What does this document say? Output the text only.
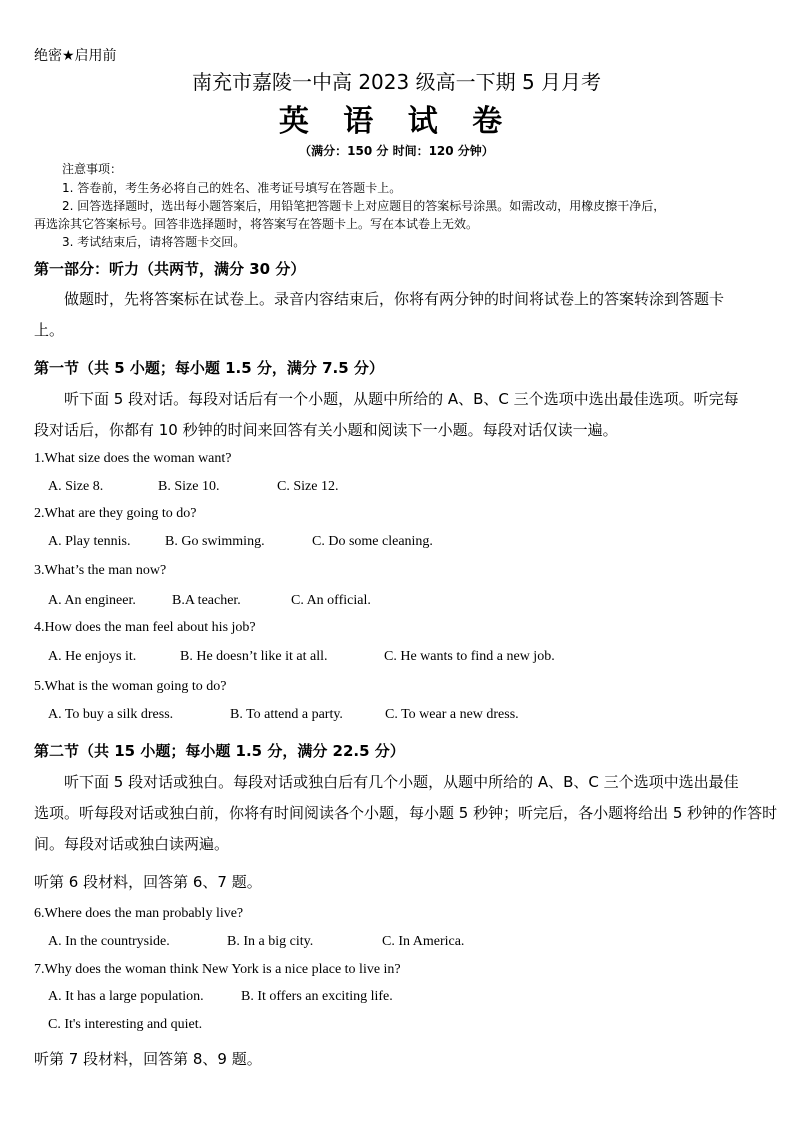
绝密★启用前
南充市嘉陵一中高 2023 级高一下期 5 月月考
英 语 试 卷
（满分：150 分 时间：120 分钟）
注意事项：
1. 答卷前，考生务必将自己的姓名、准考证号填写在答题卡上。
2. 回答选择题时，选出每小题答案后，用铅笔把答题卡上对应题目的答案标号涂黑。如需改动，用橡皮擦干净后，
再选涂其它答案标号。回答非选择题时，将答案写在答题卡上。写在本试卷上无效。
3. 考试结束后，请将答题卡交回。
第一部分：听力（共两节，满分 30 分）
做题时，先将答案标在试卷上。录音内容结束后，你将有两分钟的时间将试卷上的答案转涂到答题卡
上。
第一节（共 5 小题；每小题 1.5 分，满分 7.5 分）
听下面 5 段对话。每段对话后有一个小题，从题中所给的 A、B、C 三个选项中选出最佳选项。听完每
段对话后，你都有 10 秒钟的时间来回答有关小题和阅读下一小题。每段对话仅读一遍。
1.What size does the woman want?
A. Size 8.	B. Size 10.	C. Size 12.
2.What are they going to do?
A. Play tennis. B. Go swimming.	C. Do some cleaning.
3.What’s the man now?
A. An engineer.	B.A teacher.	C. An official.
4.How does the man feel about his job?
A. He enjoys it.	B. He doesn’t like it at all.	C. He wants to find a new job.
5.What is the woman going to do?
A. To buy a silk dress.	B. To attend a party.	C. To wear a new dress.
第二节（共 15 小题；每小题 1.5 分，满分 22.5 分）
听下面 5 段对话或独白。每段对话或独白后有几个小题，从题中所给的 A、B、C 三个选项中选出最佳
选项。听每段对话或独白前，你将有时间阅读各个小题，每小题 5 秒钟；听完后，各小题将给出 5 秒钟的作答时
间。每段对话或独白读两遍。
听第 6 段材料，回答第 6、7 题。
6.Where does the man probably live?
A. In the countryside.	B. In a big city.	C. In America.
7.Why does the woman think New York is a nice place to live in?
A. It has a large population.	B. It offers an exciting life.
C. It's interesting and quiet.
听第 7 段材料，回答第 8、9 题。
